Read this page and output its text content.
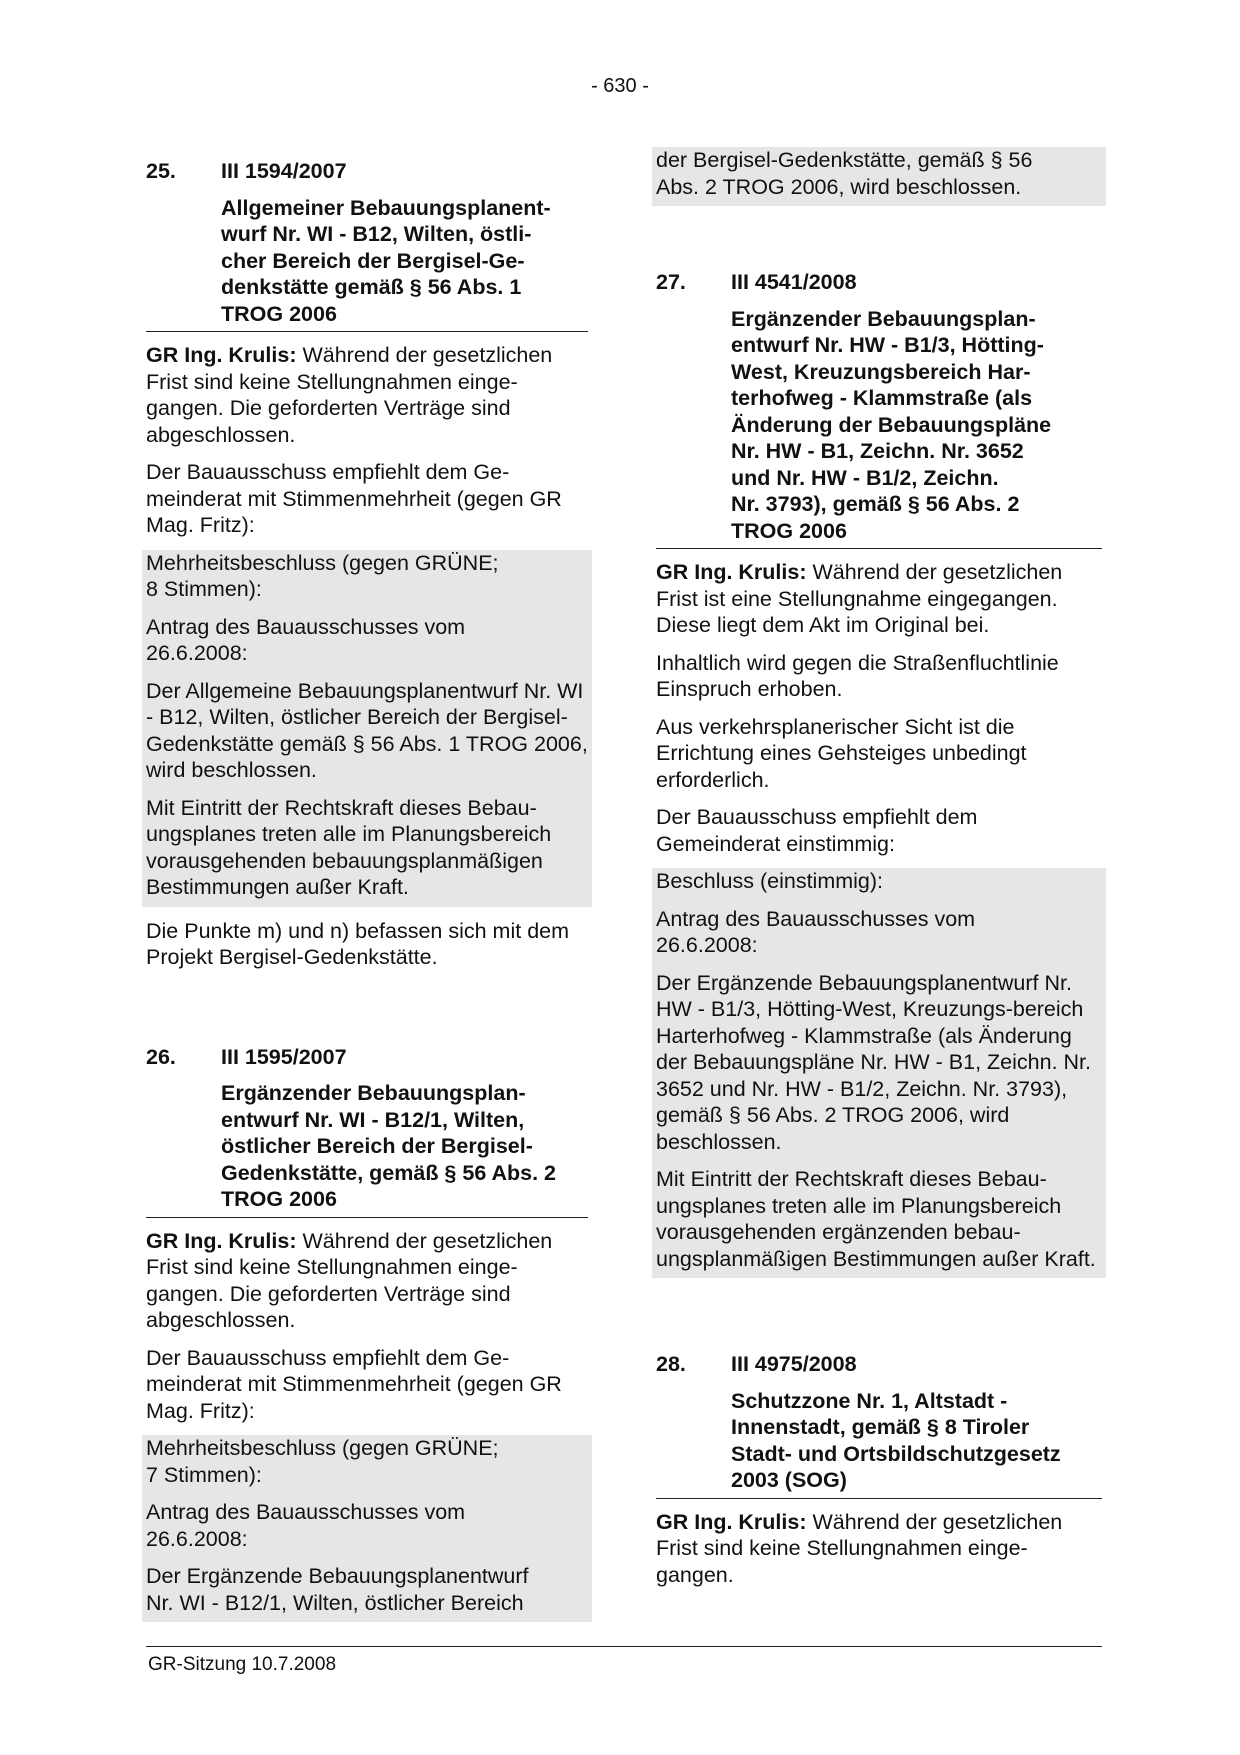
- 630 -
25.	III 1594/2007
Allgemeiner Bebauungsplanent-
wurf Nr. WI - B12, Wilten, östli-
cher Bereich der Bergisel-Ge-
denkstätte gemäß § 56 Abs. 1
TROG 2006

GR Ing. Krulis: Während der gesetzlichen Frist sind keine Stellungnahmen einge-gangen. Die geforderten Verträge sind abgeschlossen.

Der Bauausschuss empfiehlt dem Ge-meinderat mit Stimmenmehrheit (gegen GR Mag. Fritz):

Mehrheitsbeschluss (gegen GRÜNE;
8 Stimmen):

Antrag des Bauausschusses vom
26.6.2008:

Der Allgemeine Bebauungsplanentwurf Nr. WI - B12, Wilten, östlicher Bereich der Bergisel-Gedenkstätte gemäß § 56 Abs. 1 TROG 2006, wird beschlossen.

Mit Eintritt der Rechtskraft dieses Bebau-ungsplanes treten alle im Planungsbereich vorausgehenden bebauungsplanmäßigen Bestimmungen außer Kraft.

Die Punkte m) und n) befassen sich mit dem Projekt Bergisel-Gedenkstätte.

26.	III 1595/2007
Ergänzender Bebauungsplan-
entwurf Nr. WI - B12/1, Wilten,
östlicher Bereich der Bergisel-
Gedenkstätte, gemäß § 56 Abs. 2
TROG 2006

GR Ing. Krulis: Während der gesetzlichen Frist sind keine Stellungnahmen einge-gangen. Die geforderten Verträge sind abgeschlossen.

Der Bauausschuss empfiehlt dem Ge-meinderat mit Stimmenmehrheit (gegen GR Mag. Fritz):

Mehrheitsbeschluss (gegen GRÜNE;
7 Stimmen):

Antrag des Bauausschusses vom
26.6.2008:

Der Ergänzende Bebauungsplanentwurf
Nr. WI - B12/1, Wilten, östlicher Bereich

der Bergisel-Gedenkstätte, gemäß § 56
Abs. 2 TROG 2006, wird beschlossen.

27.	III 4541/2008
Ergänzender Bebauungsplan-
entwurf Nr. HW - B1/3, Hötting-
West, Kreuzungsbereich Har-
terhofweg - Klammstraße (als
Änderung der Bebauungspläne
Nr. HW - B1, Zeichn. Nr. 3652
und Nr. HW - B1/2, Zeichn.
Nr. 3793), gemäß § 56 Abs. 2
TROG 2006

GR Ing. Krulis: Während der gesetzlichen Frist ist eine Stellungnahme eingegangen. Diese liegt dem Akt im Original bei.

Inhaltlich wird gegen die Straßenfluchtlinie Einspruch erhoben.

Aus verkehrsplanerischer Sicht ist die Errichtung eines Gehsteiges unbedingt erforderlich.

Der Bauausschuss empfiehlt dem Gemeinderat einstimmig:

Beschluss (einstimmig):

Antrag des Bauausschusses vom
26.6.2008:

Der Ergänzende Bebauungsplanentwurf Nr. HW - B1/3, Hötting-West, Kreuzungs-bereich Harterhofweg - Klammstraße (als Änderung der Bebauungspläne Nr. HW - B1, Zeichn. Nr. 3652 und Nr. HW - B1/2, Zeichn. Nr. 3793), gemäß § 56 Abs. 2 TROG 2006, wird beschlossen.

Mit Eintritt der Rechtskraft dieses Bebau-ungsplanes treten alle im Planungsbereich vorausgehenden ergänzenden bebau-ungsplanmäßigen Bestimmungen außer Kraft.

28.	III 4975/2008
Schutzzone Nr. 1, Altstadt -
Innenstadt, gemäß § 8 Tiroler
Stadt- und Ortsbildschutzgesetz
2003 (SOG)

GR Ing. Krulis: Während der gesetzlichen Frist sind keine Stellungnahmen einge-gangen.

GR-Sitzung 10.7.2008
